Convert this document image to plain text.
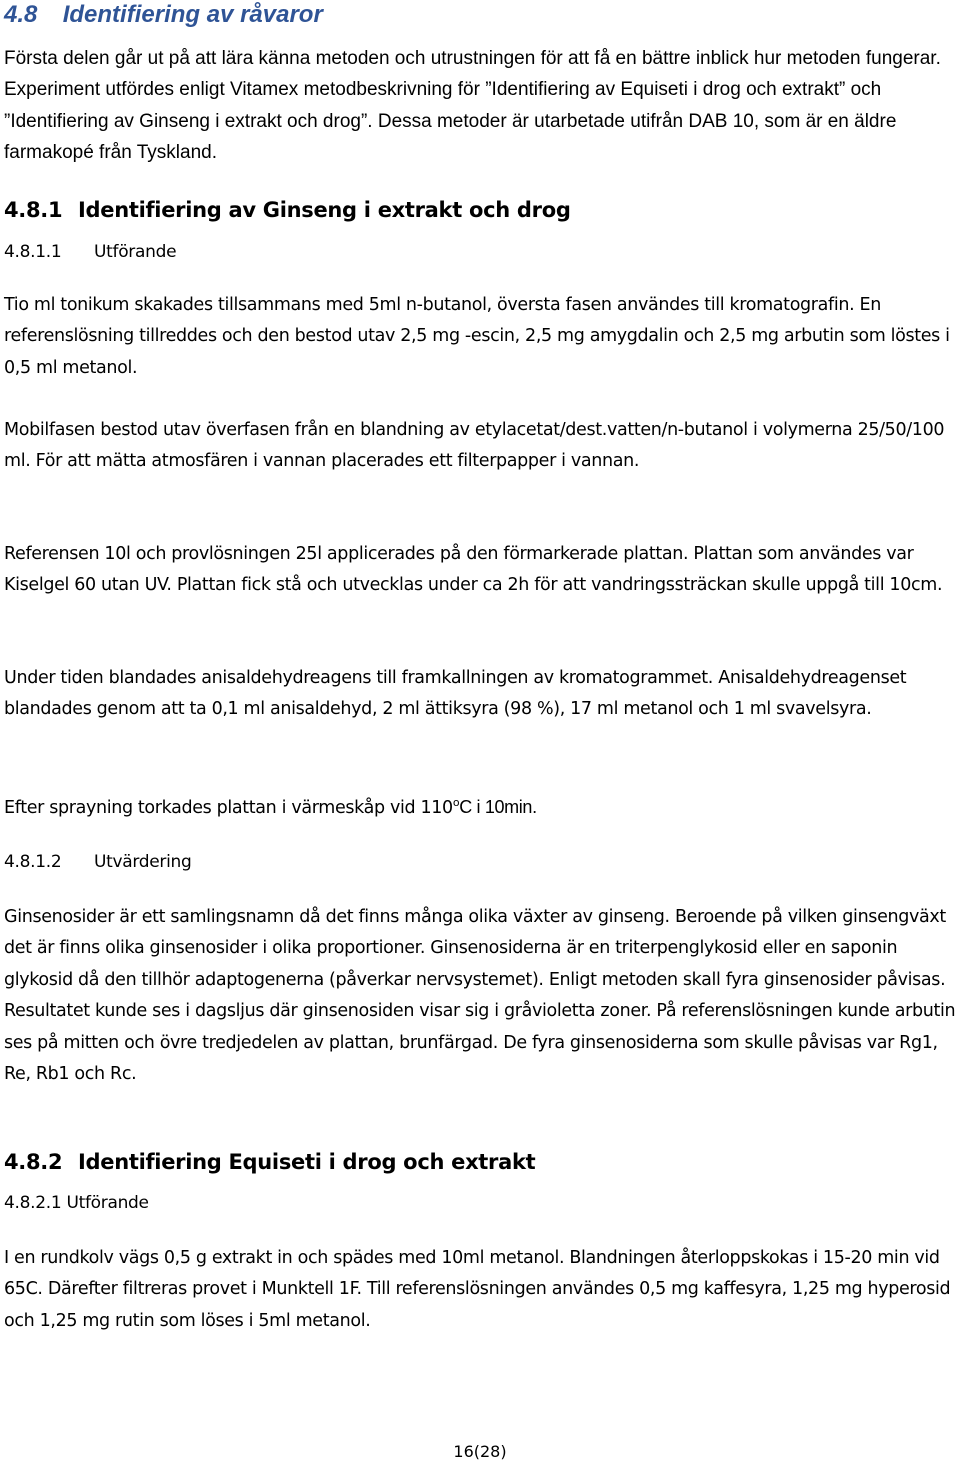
4.8 Identifiering av råvaror

Första delen går ut på att lära känna metoden och utrustningen för att få en bättre inblick hur metoden fungerar. Experiment utfördes enligt Vitamex metodbeskrivning för ”Identifiering av Equiseti i drog och extrakt” och ”Identifiering av Ginseng i extrakt och drog”. Dessa metoder är utarbetade utifrån DAB 10, som är en äldre farmakopé från Tyskland.

4.8.1 Identifiering av Ginseng i extrakt och drog
4.8.1.1 Utförande

Tio ml tonikum skakades tillsammans med 5ml n-butanol, översta fasen användes till kromatografin. En referenslösning tillreddes och den bestod utav 2,5 mg -escin, 2,5 mg amygdalin och 2,5 mg arbutin som löstes i 0,5 ml metanol.

Mobilfasen bestod utav överfasen från en blandning av etylacetat/dest.vatten/n-butanol i volymerna 25/50/100 ml. För att mätta atmosfären i vannan placerades ett filterpapper i vannan.

Referensen 10l och provlösningen 25l applicerades på den förmarkerade plattan. Plattan som användes var Kiselgel 60 utan UV. Plattan fick stå och utvecklas under ca 2h för att vandringssträckan skulle uppgå till 10cm.

Under tiden blandades anisaldehydreagens till framkallningen av kromatogrammet. Anisaldehydreagenset blandades genom att ta 0,1 ml anisaldehyd, 2 ml ättiksyra (98 %), 17 ml metanol och 1 ml svavelsyra.

Efter sprayning torkades plattan i värmeskåp vid 110$^o$C i 10min.

4.8.1.2 Utvärdering

Ginsenosider är ett samlingsnamn då det finns många olika växter av ginseng. Beroende på vilken ginsengväxt det är finns olika ginsenosider i olika proportioner. Ginsenosiderna är en triterpenglykosid eller en saponin glykosid då den tillhör adaptogenerna (påverkar nervsystemet). Enligt metoden skall fyra ginsenosider påvisas. Resultatet kunde ses i dagsljus där ginsenosiden visar sig i gråvioletta zoner. På referenslösningen kunde arbutin ses på mitten och övre tredjedelen av plattan, brunfärgad. De fyra ginsenosiderna som skulle påvisas var Rg1, Re, Rb1 och Rc.

4.8.2 Identifiering Equiseti i drog och extrakt
4.8.2.1 Utförande

I en rundkolv vägs 0,5 g extrakt in och spädes med 10ml metanol. Blandningen återloppskokas i 15-20 min vid 65C. Därefter filtreras provet i Munktell 1F. Till referenslösningen användes 0,5 mg kaffesyra, 1,25 mg hyperosid och 1,25 mg rutin som löses i 5ml metanol.

16(28)
